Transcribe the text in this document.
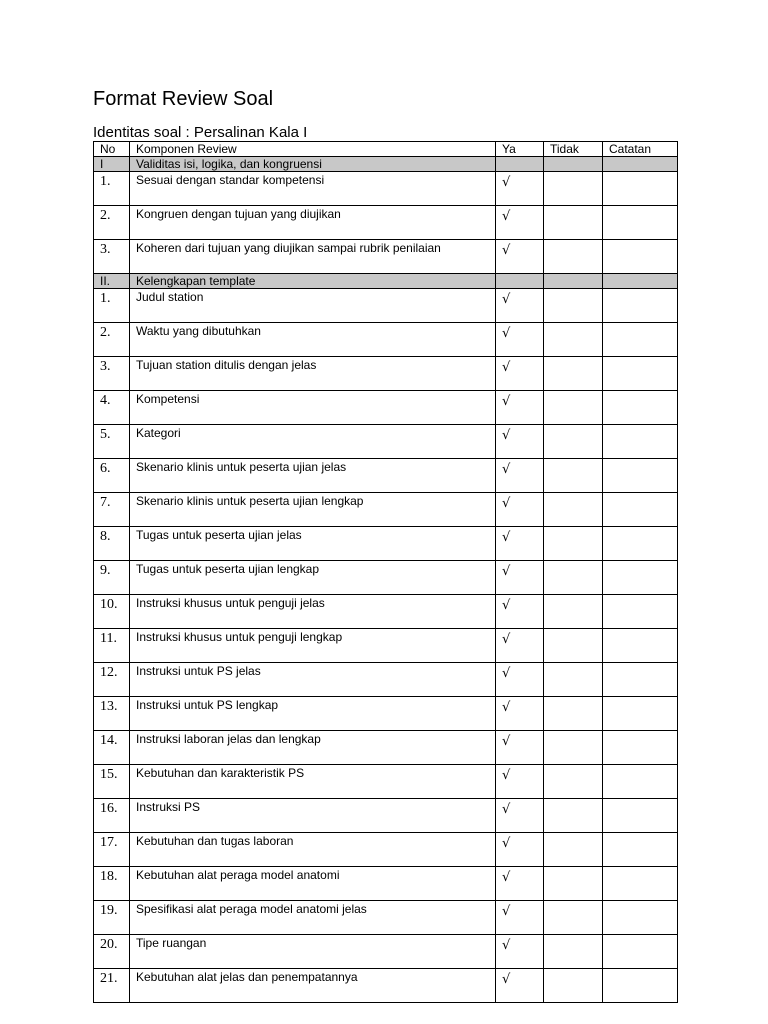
Format Review Soal
Identitas soal : Persalinan Kala I
No	Komponen Review	Ya	Tidak	Catatan
I	Validitas isi, logika, dan kongruensi			
1.	Sesuai dengan standar kompetensi	√		
2.	Kongruen dengan tujuan yang diujikan	√		
3.	Koheren dari tujuan yang diujikan sampai rubrik penilaian	√		
II.	Kelengkapan template			
1.	Judul station	√		
2.	Waktu yang dibutuhkan	√		
3.	Tujuan station ditulis dengan jelas	√		
4.	Kompetensi	√		
5.	Kategori	√		
6.	Skenario klinis untuk peserta ujian jelas	√		
7.	Skenario klinis untuk peserta ujian lengkap	√		
8.	Tugas untuk peserta ujian jelas	√		
9.	Tugas untuk peserta ujian lengkap	√		
10.	Instruksi khusus untuk penguji jelas	√		
11.	Instruksi khusus untuk penguji lengkap	√		
12.	Instruksi untuk PS jelas	√		
13.	Instruksi untuk PS lengkap	√		
14.	Instruksi laboran jelas dan lengkap	√		
15.	Kebutuhan dan karakteristik PS	√		
16.	Instruksi PS	√		
17.	Kebutuhan dan tugas laboran	√		
18.	Kebutuhan alat peraga model anatomi	√		
19.	Spesifikasi alat peraga model anatomi jelas	√		
20.	Tipe ruangan	√		
21.	Kebutuhan alat jelas dan penempatannya	√		
